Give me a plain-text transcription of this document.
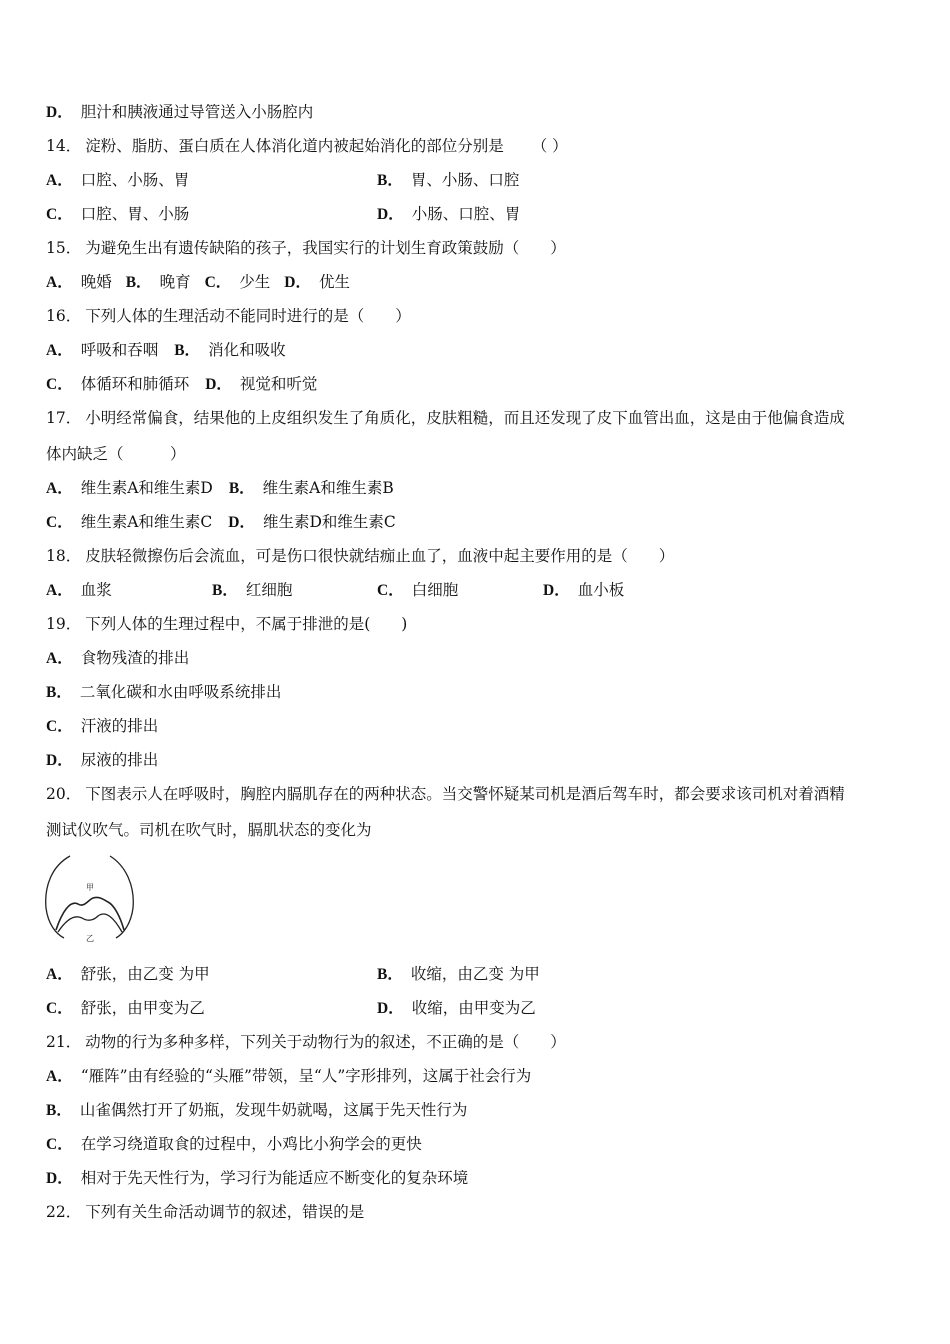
D． 胆汁和胰液通过导管送入小肠腔内
14． 淀粉、脂肪、蛋白质在人体消化道内被起始消化的部位分别是 （ ）
A． 口腔、小肠、胃	B． 胃、小肠、口腔
C． 口腔、胃、小肠	D． 小肠、口腔、胃
15． 为避免生出有遗传缺陷的孩子，我国实行的计划生育政策鼓励（　　）
A． 晚婚 B． 晚育 C． 少生 D． 优生
16． 下列人体的生理活动不能同时进行的是（　　）
A． 呼吸和吞咽 B． 消化和吸收
C． 体循环和肺循环 D． 视觉和听觉
17． 小明经常偏食，结果他的上皮组织发生了角质化，皮肤粗糙，而且还发现了皮下血管出血，这是由于他偏食造成
体内缺乏（　　　）
A． 维生素A和维生素D B． 维生素A和维生素B
C． 维生素A和维生素C D． 维生素D和维生素C
18． 皮肤轻微擦伤后会流血，可是伤口很快就结痂止血了，血液中起主要作用的是（　　）
A． 血浆	B． 红细胞	C． 白细胞	D． 血小板
19． 下列人体的生理过程中，不属于排泄的是(　　)
A． 食物残渣的排出
B． 二氧化碳和水由呼吸系统排出
C． 汗液的排出
D． 尿液的排出
20． 下图表示人在呼吸时，胸腔内膈肌存在的两种状态。当交警怀疑某司机是酒后驾车时，都会要求该司机对着酒精
测试仪吹气。司机在吹气时，膈肌状态的变化为
甲
乙
A． 舒张，由乙变 为甲	B． 收缩，由乙变 为甲
C． 舒张，由甲变为乙	D． 收缩，由甲变为乙
21． 动物的行为多种多样，下列关于动物行为的叙述，不正确的是（　　）
A． “雁阵”由有经验的“头雁”带领，呈“人”字形排列，这属于社会行为
B． 山雀偶然打开了奶瓶，发现牛奶就喝，这属于先天性行为
C． 在学习绕道取食的过程中，小鸡比小狗学会的更快
D． 相对于先天性行为，学习行为能适应不断变化的复杂环境
22． 下列有关生命活动调节的叙述，错误的是
